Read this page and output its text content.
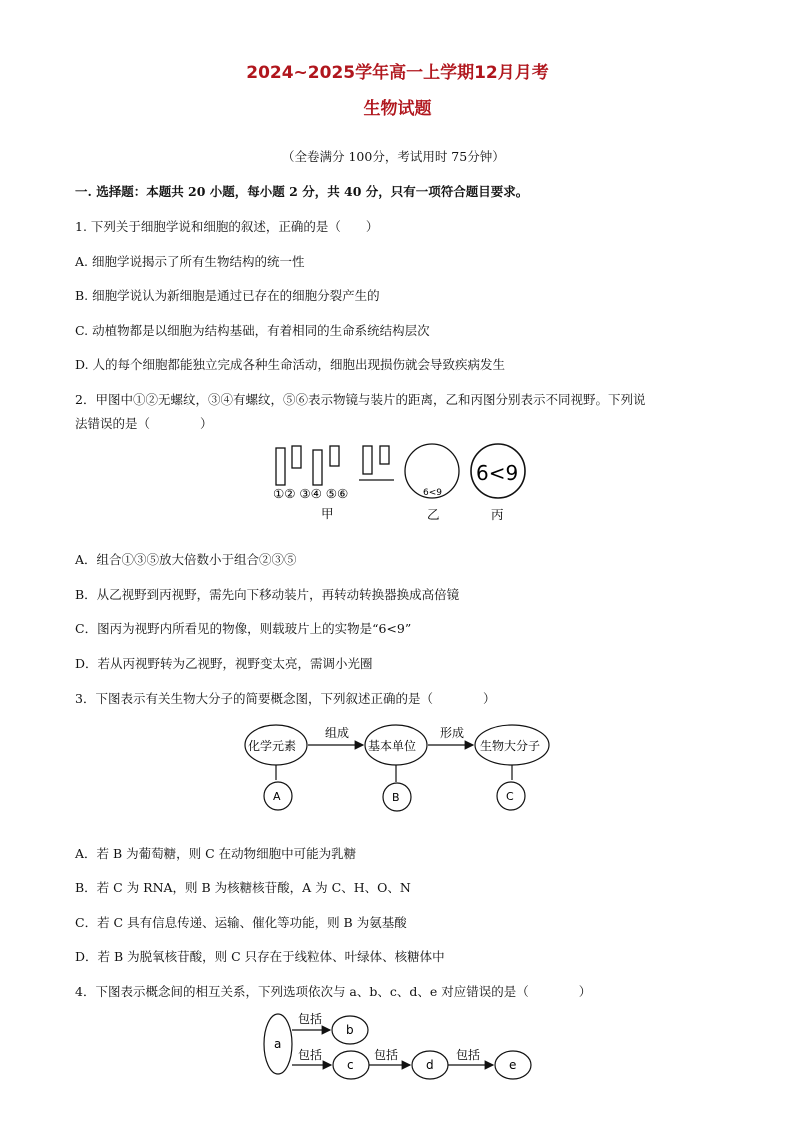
2024~2025学年高一上学期12月月考
生物试题
（全卷满分 100分，考试用时 75分钟）
一. 选择题：本题共 20 小题，每小题 2 分，共 40 分，只有一项符合题目要求。
1. 下列关于细胞学说和细胞的叙述，正确的是（　　）
A. 细胞学说揭示了所有生物结构的统一性
B. 细胞学说认为新细胞是通过已存在的细胞分裂产生的
C. 动植物都是以细胞为结构基础，有着相同的生命系统结构层次
D. 人的每个细胞都能独立完成各种生命活动，细胞出现损伤就会导致疾病发生
2．甲图中①②无螺纹，③④有螺纹，⑤⑥表示物镜与装片的距离，乙和丙图分别表示不同视野。下列说
法错误的是（　　　　）
①② ③④ ⑤⑥
甲
6<9
6<9
乙	丙
A．组合①③⑤放大倍数小于组合②③⑤
B．从乙视野到丙视野，需先向下移动装片，再转动转换器换成高倍镜
C．图丙为视野内所看见的物像，则载玻片上的实物是“6<9”
D．若从丙视野转为乙视野，视野变太亮，需调小光圈
3．下图表示有关生物大分子的简要概念图，下列叙述正确的是（　　　　）
化学元素	基本单位	生物大分子
组成	形成
A	B	C
A．若 B 为葡萄糖，则 C 在动物细胞中可能为乳糖
B．若 C 为 RNA，则 B 为核糖核苷酸，A 为 C、H、O、N
C．若 C 具有信息传递、运输、催化等功能，则 B 为氨基酸
D．若 B 为脱氧核苷酸，则 C 只存在于线粒体、叶绿体、核糖体中
4．下图表示概念间的相互关系，下列选项依次与 a、b、c、d、e 对应错误的是（　　　　）
a
b
c	d	e
包括
包括	包括	包括
